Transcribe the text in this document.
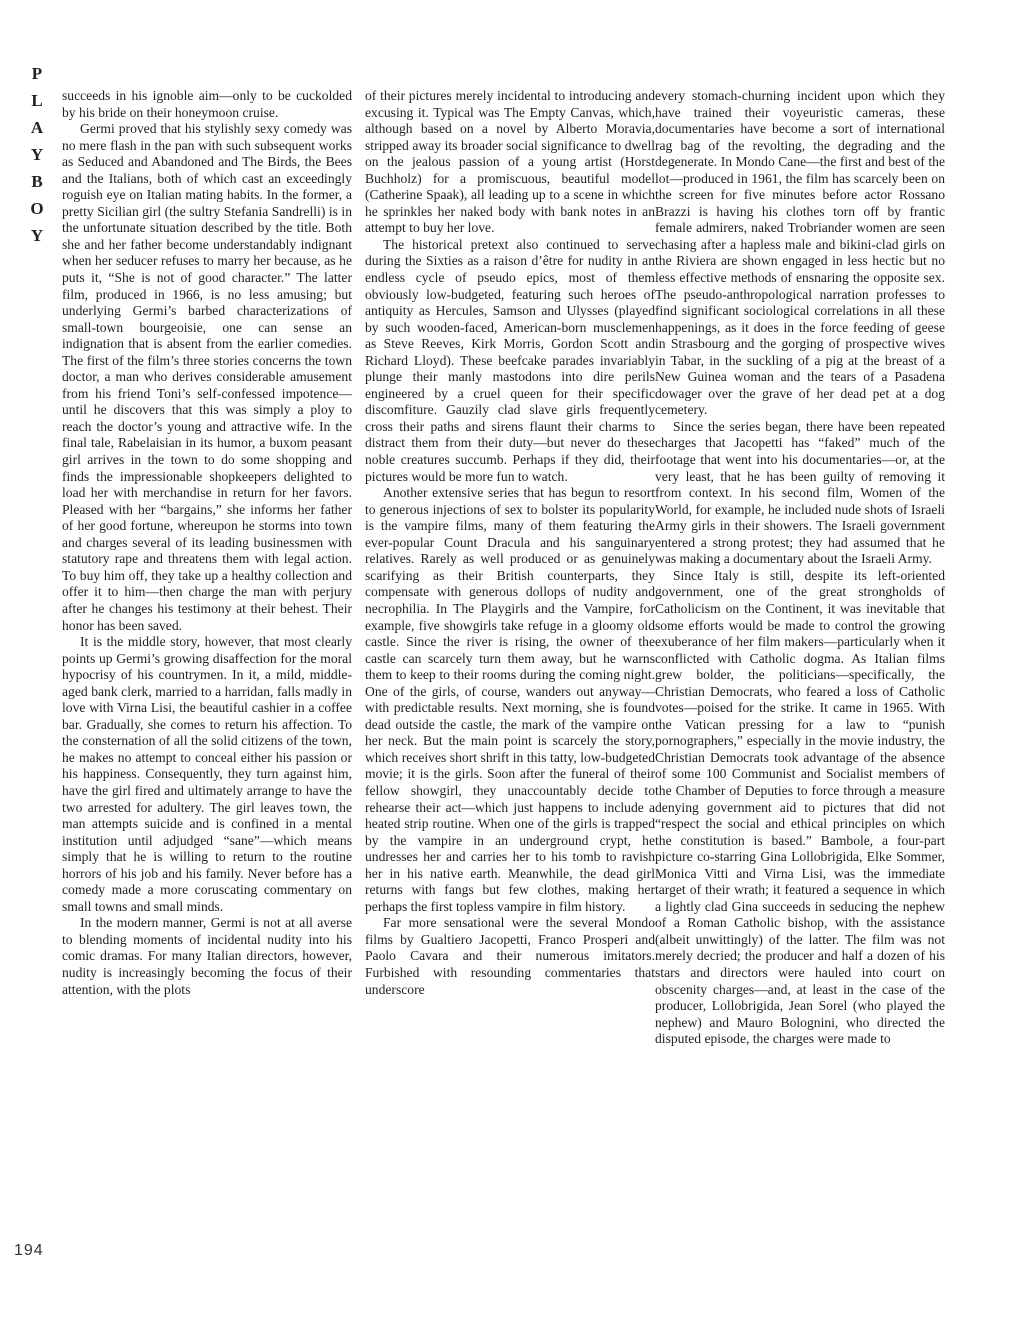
P
L
A
Y
B
O
Y

succeeds in his ignoble aim—only to be cuckolded by his bride on their honeymoon cruise.

Germi proved that his stylishly sexy comedy was no mere flash in the pan with such subsequent works as Seduced and Abandoned and The Birds, the Bees and the Italians, both of which cast an exceedingly roguish eye on Italian mating habits. In the former, a pretty Sicilian girl (the sultry Stefania Sandrelli) is in the unfortunate situation described by the title. Both she and her father become understandably indignant when her seducer refuses to marry her because, as he puts it, “She is not of good character.” The latter film, produced in 1966, is no less amusing; but underlying Germi’s barbed characterizations of small-town bourgeoisie, one can sense an indignation that is absent from the earlier comedies. The first of the film’s three stories concerns the town doctor, a man who derives considerable amusement from his friend Toni’s self-confessed impotence—until he discovers that this was simply a ploy to reach the doctor’s young and attractive wife. In the final tale, Rabelaisian in its humor, a buxom peasant girl arrives in the town to do some shopping and finds the impressionable shopkeepers delighted to load her with merchandise in return for her favors. Pleased with her “bargains,” she informs her father of her good fortune, whereupon he storms into town and charges several of its leading businessmen with statutory rape and threatens them with legal action. To buy him off, they take up a healthy collection and offer it to him—then charge the man with perjury after he changes his testimony at their behest. Their honor has been saved.

It is the middle story, however, that most clearly points up Germi’s growing disaffection for the moral hypocrisy of his countrymen. In it, a mild, middle-aged bank clerk, married to a harridan, falls madly in love with Virna Lisi, the beautiful cashier in a coffee bar. Gradually, she comes to return his affection. To the consternation of all the solid citizens of the town, he makes no attempt to conceal either his passion or his happiness. Consequently, they turn against him, have the girl fired and ultimately arrange to have the two arrested for adultery. The girl leaves town, the man attempts suicide and is confined in a mental institution until adjudged “sane”—which means simply that he is willing to return to the routine horrors of his job and his family. Never before has a comedy made a more coruscating commentary on small towns and small minds.

In the modern manner, Germi is not at all averse to blending moments of incidental nudity into his comic dramas. For many Italian directors, however, nudity is increasingly becoming the focus of their attention, with the plots

of their pictures merely incidental to introducing and excusing it. Typical was The Empty Canvas, which, although based on a novel by Alberto Moravia, stripped away its broader social significance to dwell on the jealous passion of a young artist (Horst Buchholz) for a promiscuous, beautiful model (Catherine Spaak), all leading up to a scene in which he sprinkles her naked body with bank notes in an attempt to buy her love.

The historical pretext also continued to serve during the Sixties as a raison d’être for nudity in an endless cycle of pseudo epics, most of them obviously low-budgeted, featuring such heroes of antiquity as Hercules, Samson and Ulysses (played by such wooden-faced, American-born musclemen as Steve Reeves, Kirk Morris, Gordon Scott and Richard Lloyd). These beefcake parades invariably plunge their manly mastodons into dire perils engineered by a cruel queen for their specific discomfiture. Gauzily clad slave girls frequently cross their paths and sirens flaunt their charms to distract them from their duty—but never do these noble creatures succumb. Perhaps if they did, their pictures would be more fun to watch.

Another extensive series that has begun to resort to generous injections of sex to bolster its popularity is the vampire films, many of them featuring the ever-popular Count Dracula and his sanguinary relatives. Rarely as well produced or as genuinely scarifying as their British counterparts, they compensate with generous dollops of nudity and necrophilia. In The Playgirls and the Vampire, for example, five showgirls take refuge in a gloomy old castle. Since the river is rising, the owner of the castle can scarcely turn them away, but he warns them to keep to their rooms during the coming night. One of the girls, of course, wanders out anyway—with predictable results. Next morning, she is found dead outside the castle, the mark of the vampire on her neck. But the main point is scarcely the story, which receives short shrift in this tatty, low-budgeted movie; it is the girls. Soon after the funeral of their fellow showgirl, they unaccountably decide to rehearse their act—which just happens to include a heated strip routine. When one of the girls is trapped by the vampire in an underground crypt, he undresses her and carries her to his tomb to ravish her in his native earth. Meanwhile, the dead girl returns with fangs but few clothes, making her perhaps the first topless vampire in film history.

Far more sensational were the several Mondo films by Gualtiero Jacopetti, Franco Prosperi and Paolo Cavara and their numerous imitators. Furbished with resounding commentaries that underscore

every stomach-churning incident upon which they have trained their voyeuristic cameras, these documentaries have become a sort of international rag bag of the revolting, the degrading and the degenerate. In Mondo Cane—the first and best of the lot—produced in 1961, the film has scarcely been on the screen for five minutes before actor Rossano Brazzi is having his clothes torn off by frantic female admirers, naked Trobriander women are seen chasing after a hapless male and bikini-clad girls on the Riviera are shown engaged in less hectic but no less effective methods of ensnaring the opposite sex. The pseudo-anthropological narration professes to find significant sociological correlations in all these happenings, as it does in the force feeding of geese in Strasbourg and the gorging of prospective wives in Tabar, in the suckling of a pig at the breast of a New Guinea woman and the tears of a Pasadena dowager over the grave of her dead pet at a dog cemetery.

Since the series began, there have been repeated charges that Jacopetti has “faked” much of the footage that went into his documentaries—or, at the very least, that he has been guilty of removing it from context. In his second film, Women of the World, for example, he included nude shots of Israeli Army girls in their showers. The Israeli government entered a strong protest; they had assumed that he was making a documentary about the Israeli Army.

Since Italy is still, despite its left-oriented government, one of the great strongholds of Catholicism on the Continent, it was inevitable that some efforts would be made to control the growing exuberance of her film makers—particularly when it conflicted with Catholic dogma. As Italian films grew bolder, the politicians—specifically, the Christian Democrats, who feared a loss of Catholic votes—poised for the strike. It came in 1965. With the Vatican pressing for a law to “punish pornographers,” especially in the movie industry, the Christian Democrats took advantage of the absence of some 100 Communist and Socialist members of the Chamber of Deputies to force through a measure denying government aid to pictures that did not “respect the social and ethical principles on which the constitution is based.” Bambole, a four-part picture co-starring Gina Lollobrigida, Elke Sommer, Monica Vitti and Virna Lisi, was the immediate target of their wrath; it featured a sequence in which a lightly clad Gina succeeds in seducing the nephew of a Roman Catholic bishop, with the assistance (albeit unwittingly) of the latter. The film was not merely decried; the producer and half a dozen of his stars and directors were hauled into court on obscenity charges—and, at least in the case of the producer, Lollobrigida, Jean Sorel (who played the nephew) and Mauro Bolognini, who directed the disputed episode, the charges were made to

194
